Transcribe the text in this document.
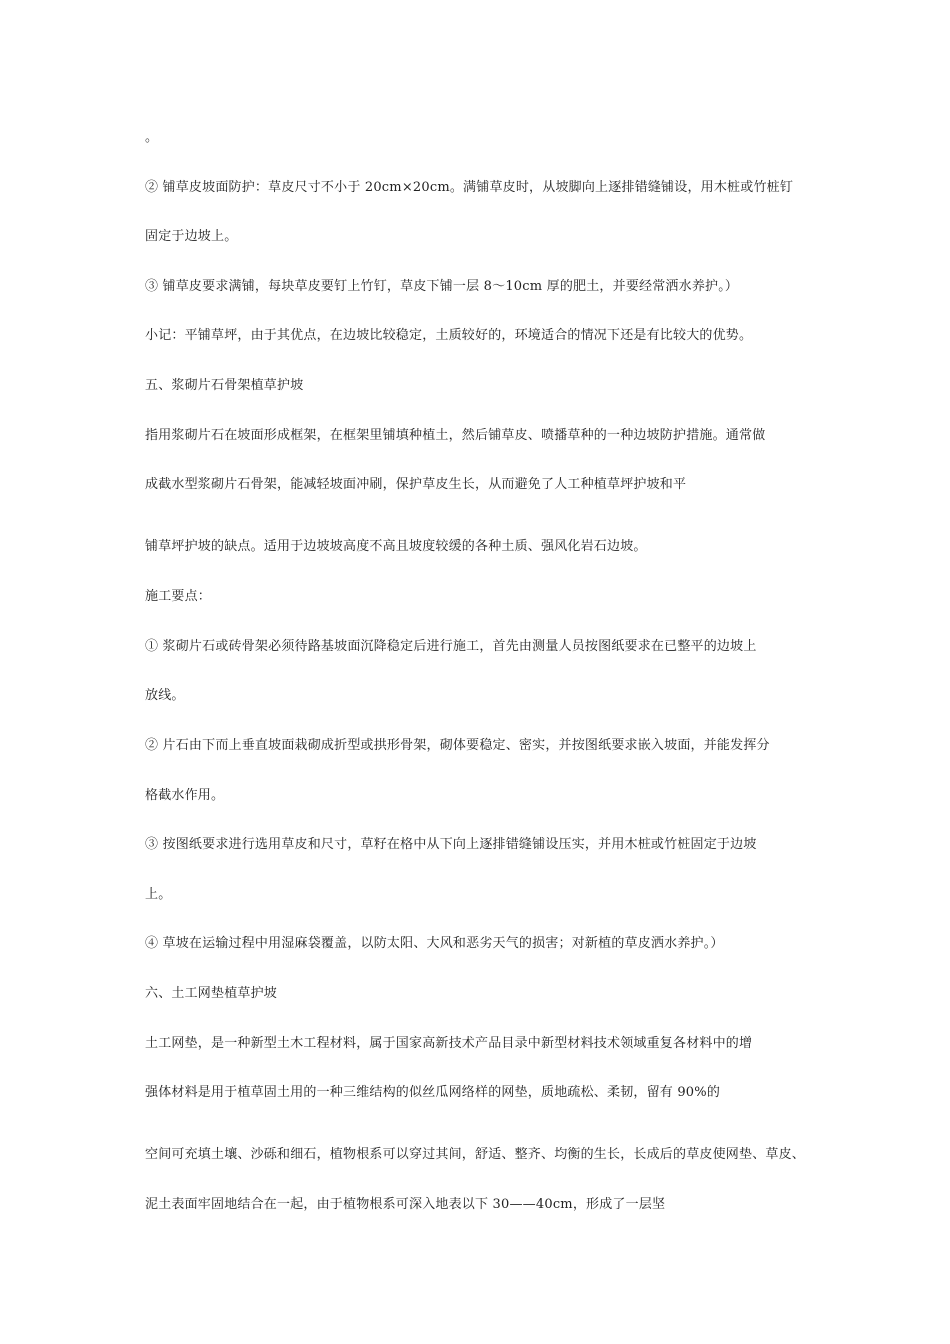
。
② 铺草皮坡面防护：草皮尺寸不小于 20cm×20cm。满铺草皮时，从坡脚向上逐排错缝铺设，用木桩或竹桩钉
固定于边坡上。
③ 铺草皮要求满铺，每块草皮要钉上竹钉，草皮下铺一层 8～10cm 厚的肥土，并要经常洒水养护。）
小记：平铺草坪，由于其优点，在边坡比较稳定，土质较好的，环境适合的情况下还是有比较大的优势。
五、浆砌片石骨架植草护坡
指用浆砌片石在坡面形成框架，在框架里铺填种植土，然后铺草皮、喷播草种的一种边坡防护措施。通常做
成截水型浆砌片石骨架，能减轻坡面冲刷，保护草皮生长，从而避免了人工种植草坪护坡和平
铺草坪护坡的缺点。适用于边坡坡高度不高且坡度较缓的各种土质、强风化岩石边坡。
施工要点：
① 浆砌片石或砖骨架必须待路基坡面沉降稳定后进行施工，首先由测量人员按图纸要求在已整平的边坡上
放线。
② 片石由下而上垂直坡面栽砌成折型或拱形骨架，砌体要稳定、密实，并按图纸要求嵌入坡面，并能发挥分
格截水作用。
③ 按图纸要求进行选用草皮和尺寸，草籽在格中从下向上逐排错缝铺设压实，并用木桩或竹桩固定于边坡
上。
④ 草坡在运输过程中用湿麻袋覆盖，以防太阳、大风和恶劣天气的损害；对新植的草皮洒水养护。）
六、土工网垫植草护坡
土工网垫，是一种新型土木工程材料，属于国家高新技术产品目录中新型材料技术领域重复各材料中的增
强体材料是用于植草固土用的一种三维结构的似丝瓜网络样的网垫，质地疏松、柔韧，留有 90%的
空间可充填土壤、沙砾和细石，植物根系可以穿过其间，舒适、整齐、均衡的生长，长成后的草皮使网垫、草皮、
泥土表面牢固地结合在一起，由于植物根系可深入地表以下 30——40cm，形成了一层坚
